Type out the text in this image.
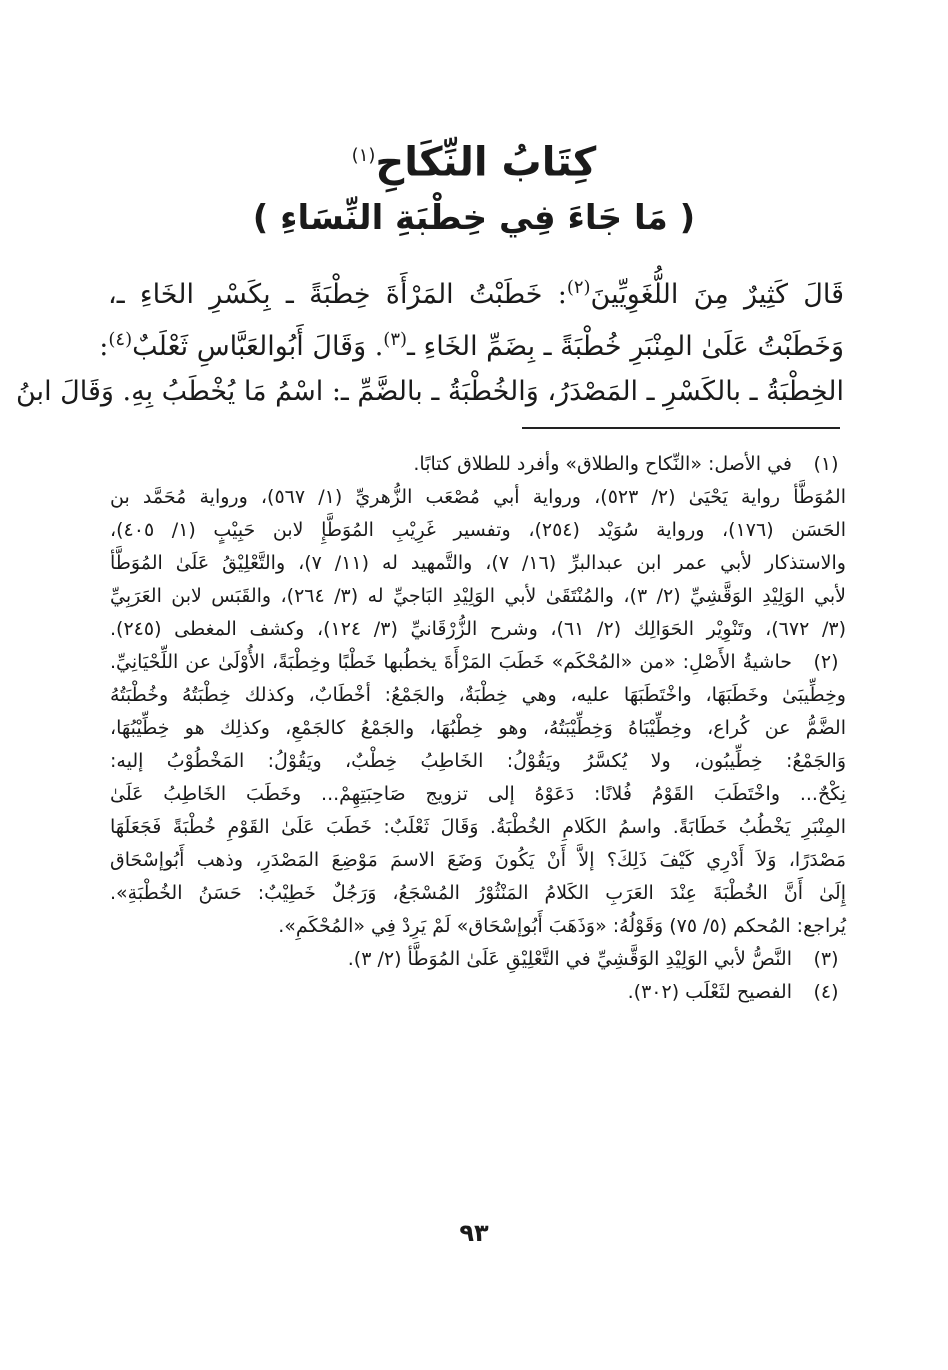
كِتَابُ النِّكَاحِ$^{(١)}$
( مَا جَاءَ فِي خِطْبَةِ النِّسَاءِ )
قَالَ كَثِيرٌ مِنَ اللُّغَوِيِّينَ$^{(٢)}$: خَطَبْتُ المَرْأَةَ خِطْبَةً ـ بِكَسْرِ الخَاءِ ـ،
وَخَطَبْتُ عَلَىٰ المِنْبَرِ خُطْبَةً ـ بِضَمِّ الخَاءِ ـ$^{(٣)}$. وَقَالَ أَبُوالعَبَّاسِ ثَعْلَبٌ$^{(٤)}$:
الخِطْبَةُ ـ بالكَسْرِ ـ المَصْدَرُ، وَالخُطْبَةُ ـ بالضَّمِّ ـ: اسْمُ مَا يُخْطَبُ بِهِ. وَقَالَ ابنُ
(١)
في الأصل: «النِّكاح والطلاق» وأفرد للطلاق كتابًا.
المُوَطَّأ رواية يَحْيَىٰ (٢/ ٥٢٣)، ورواية أبي مُصْعَب الزُّهريِّ (١/ ٥٦٧)، ورواية مُحَمَّد بن
الحَسَن (١٧٦)، ورواية سُوَيْد (٢٥٤)، وتفسير غَرِيْبِ المُوَطَّإِ لابن حَبِيْبٍ (١/ ٤٠٥)،
والاستذكار لأبي عمر ابن عبدالبرِّ (١٦/ ٧)، والتَّمهيد له (١١/ ٧)، والتَّعْلِيْقُ عَلَىٰ المُوَطَّأ
لأبي الوَلِيْدِ الوَقَّشِيِّ (٢/ ٣)، والمُنْتَقَىٰ لأبي الوَلِيْدِ البَاجيِّ له (٣/ ٢٦٤)، والقَبَس لابن العَرَبِيِّ
(٣/ ٦٧٢)، وتَنْوِيْر الحَوَالِك (٢/ ٦١)، وشرح الزُّرْقَانيِّ (٣/ ١٢٤)، وكشف المغطى (٢٤٥).
(٢)
حاشيةُ الأَصْلِ: «من «المُحْكَم» خَطَبَ المَرْأَةَ يخطُبها خَطْبًا وخِطْبَةً، الأُوْلَىٰ عن اللِّحْيَانِيِّ.
وخِطِّيبَىٰ وخَطَبَهَا، واخْتَطَبَهَا عليه، وهي خِطْبَةٌ، والجَمْعُ: أخْطَابٌ، وكذلك خِطْبَتُهُ وخُطْبَتُهُ
الضَّمُّ عن كُراع، وخِطِّيْبَاهُ وَخِطِّيْبَتُهُ، وهو خِطْبُهَا، والجَمْعُ كالجَمْعِ، وكذلِك هو خِطِّيْبُهَا،
وَالجَمْعُ: خِطِّيبُون، ولا يُكسَّرُ ويَقُوْلُ: الخَاطِبُ خِطْبٌ، ويَقُوْلُ: المَخْطُوْبُ إليه:
نِكْحٌ... واخْتَطَبَ القَوْمُ فُلانًا: دَعَوْهُ إلى تزويج صَاحِبَتِهِمْ... وخَطَبَ الخَاطِبُ عَلَىٰ
المِنْبَرِ يَخْطُبُ خَطَابَةً. واسمُ الكَلامِ الخُطْبَةُ. وَقَالَ ثَعْلَبٌ: خَطَبَ عَلَىٰ القَوْمِ خُطْبَةً فَجَعَلَهَا
مَصْدَرًا، وَلاَ أَدْرِي كَيْفَ ذَلِكَ؟ إلاَّ أَنْ يَكُونَ وَضَعَ الاسمَ مَوْضِعَ المَصْدَرِ، وذهب أَبُوإسْحَاق
إِلَىٰ أَنَّ الخُطْبَةَ عِنْدَ العَرَبِ الكَلامُ المَنْثُوْرُ المُسْجَعُ، وَرَجُلٌ خَطِيْبٌ: حَسَنُ الخُطْبَةِ».
يُراجع: المُحكم (٥/ ٧٥) وَقَوْلُهُ: «وَذَهَبَ أَبُوإسْحَاق» لَمْ يَرِدْ فِي «المُحْكَمِ».
(٣)
النَّصُّ لأبي الوَلِيْدِ الوَقَّشِيِّ في التَّعْلِيْقِ عَلَىٰ المُوَطَّأ (٢/ ٣).
(٤)
الفصيح لثَعْلَب (٣٠٢).
٩٣
